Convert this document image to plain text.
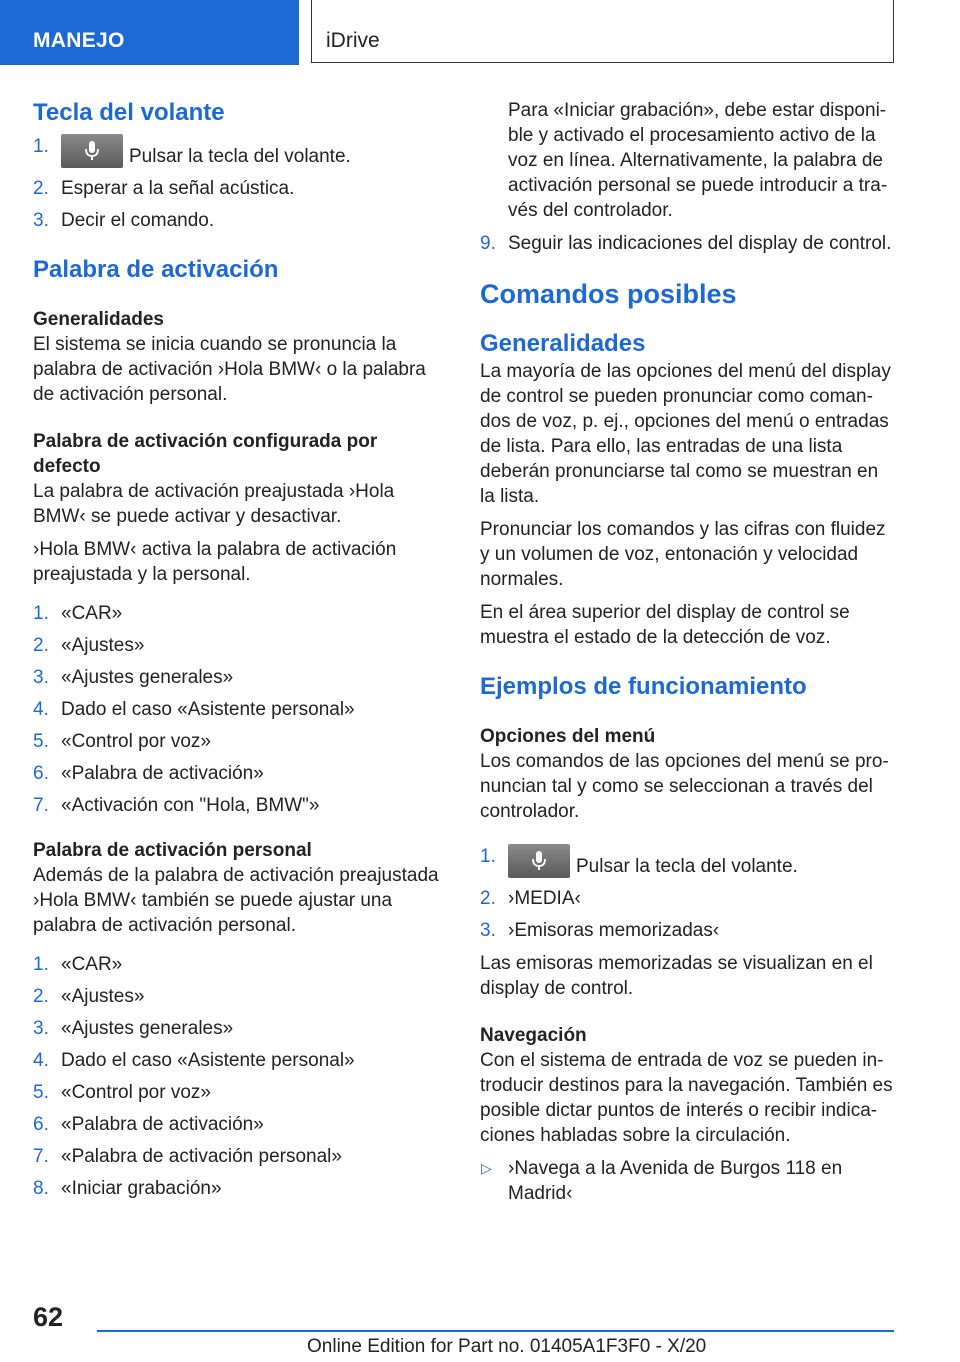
MANEJO	iDrive
Tecla del volante
1.	Pulsar la tecla del volante.
2. Esperar a la señal acústica.
3. Decir el comando.
Palabra de activación
Generalidades

El sistema se inicia cuando se pronuncia la palabra de activación ›Hola BMW‹ o la palabra de activación personal.

Palabra de activación configurada por defecto

La palabra de activación preajustada ›Hola BMW‹ se puede activar y desactivar.

›Hola BMW‹ activa la palabra de activación preajustada y la personal.

1. «CAR»
2. «Ajustes»
3. «Ajustes generales»
4. Dado el caso «Asistente personal»
5. «Control por voz»
6. «Palabra de activación»
7. «Activación con "Hola, BMW"»
Palabra de activación personal

Además de la palabra de activación preajustada ›Hola BMW‹ también se puede ajustar una palabra de activación personal.

1. «CAR»
2. «Ajustes»
3. «Ajustes generales»
4. Dado el caso «Asistente personal»
5. «Control por voz»
6. «Palabra de activación»
7. «Palabra de activación personal»
8. «Iniciar grabación»
Para «Iniciar grabación», debe estar disponible y activado el procesamiento activo de la voz en línea. Alternativamente, la palabra de activación personal se puede introducir a través del controlador.
9. Seguir las indicaciones del display de control.
Comandos posibles
Generalidades

La mayoría de las opciones del menú del display de control se pueden pronunciar como comandos de voz, p. ej., opciones del menú o entradas de lista. Para ello, las entradas de una lista deberán pronunciarse tal como se muestran en la lista.

Pronunciar los comandos y las cifras con fluidez y un volumen de voz, entonación y velocidad normales.

En el área superior del display de control se muestra el estado de la detección de voz.

Ejemplos de funcionamiento
Opciones del menú

Los comandos de las opciones del menú se pronuncian tal y como se seleccionan a través del controlador.

1.	Pulsar la tecla del volante.
2. ›MEDIA‹
3. ›Emisoras memorizadas‹

Las emisoras memorizadas se visualizan en el display de control.

Navegación

Con el sistema de entrada de voz se pueden introducir destinos para la navegación. También es posible dictar puntos de interés o recibir indicaciones habladas sobre la circulación.

▷ ›Navega a la Avenida de Burgos 118 en Madrid‹
62
Online Edition for Part no. 01405A1F3F0 - X/20
